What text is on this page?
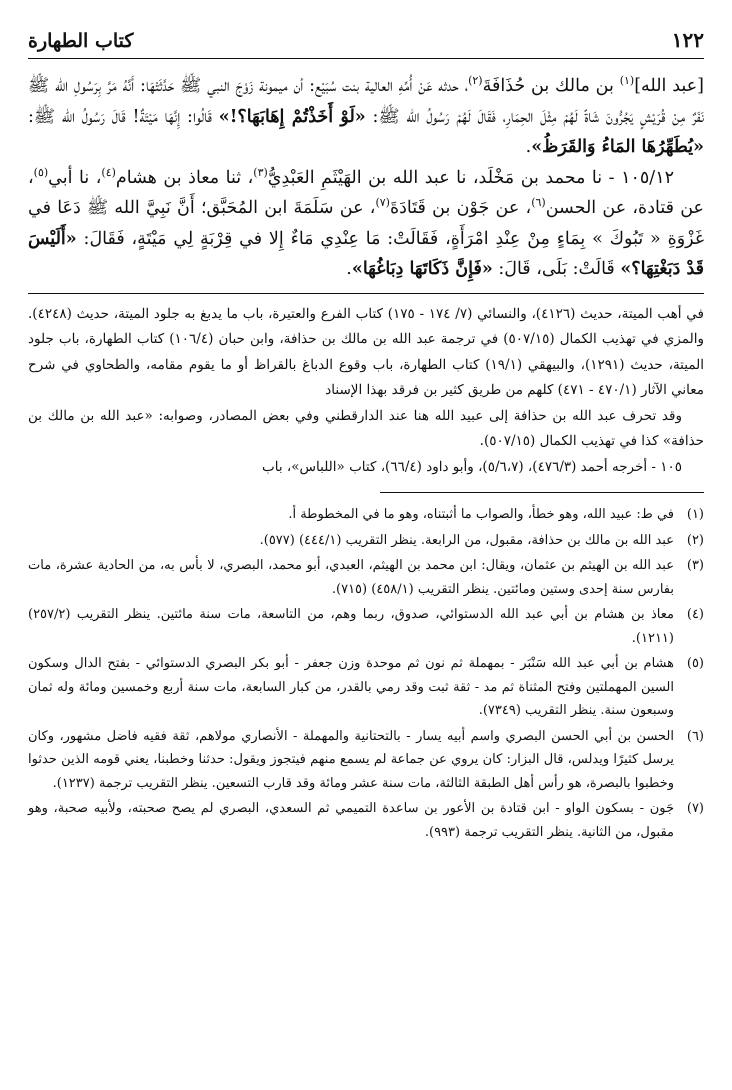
١٢٢
كتاب الطهارة

[عبد الله]$^{(١)}$ بن مالك بن حُذَافَةَ$^{(٢)}$، حدثه عَنْ أُمِّهِ العالية بنت سُبَيْع: أن ميمونة زَوْجَ النبي ﷺ حَدَّثَتْهَا: أَنَّهُ مَرَّ بِرَسُولِ الله ﷺ نَفَرٌ مِنْ قُرَيْشٍ يَجُرُّونَ شَاةً لَهُمْ مِثْلَ الحِمَارِ، فَقَالَ لَهُمْ رَسُولُ الله ﷺ: «لَوْ أَخَذْتُمْ إِهَابَهَا؟!» قَالُوا: إِنَّهَا مَيْتَةٌ! قَالَ رَسُولُ الله ﷺ: «يُطَهِّرُهَا المَاءُ وَالقَرَظُ».

١٠٥/١٢ - نا محمد بن مَخْلَد، نا عبد الله بن الهَيْثَمِ العَبْدِيُّ$^{(٣)}$، ثنا معاذ بن هشام$^{(٤)}$، نا أبي$^{(٥)}$، عن قتادة، عن الحسن$^{(٦)}$، عن جَوْن بن قَتَادَةَ$^{(٧)}$، عن سَلَمَةَ ابن المُحَبَّق؛ أَنَّ نَبِيَّ الله ﷺ دَعَا في غَزْوَةِ « تَبُوكَ » بِمَاءٍ مِنْ عِنْدِ امْرَأَةٍ، فَقَالَتْ: مَا عِنْدِي مَاءٌ إِلا في قِرْبَةٍ لِي مَيْتَةٍ، فَقَالَ: «أَلَيْسَ قَدْ دَبَغْتِهَا؟» قَالَتْ: بَلَى، قَالَ: «فَإِنَّ ذَكَاتَهَا دِبَاغُهَا».

في أهب الميتة، حديث (٤١٢٦)، والنسائي (٧/ ١٧٤ - ١٧٥) كتاب الفرع والعتيرة، باب ما يدبغ به جلود الميتة، حديث (٤٢٤٨). والمزي في تهذيب الكمال (٥٠٧/١٥) في ترجمة عبد الله بن مالك بن حذافة، وابن حبان (١٠٦/٤) كتاب الطهارة، باب جلود الميتة، حديث (١٢٩١)، والبيهقي (١٩/١) كتاب الطهارة، باب وقوع الدباغ بالقراظ أو ما يقوم مقامه، والطحاوي في شرح معاني الآثار (٤٧٠/١ - ٤٧١) كلهم من طريق كثير بن فرقد بهذا الإسناد

وقد تحرف عبد الله بن حذافة إلى عبيد الله هنا عند الدارقطني وفي بعض المصادر، وصوابه: «عبد الله بن مالك بن حذافة» كذا في تهذيب الكمال (٥٠٧/١٥).

١٠٥ - أخرجه أحمد (٤٧٦/٣)، (٥/٦،٧)، وأبو داود (٦٦/٤)، كتاب «اللباس»، باب

(١)
في ط: عبيد الله، وهو خطأ، والصواب ما أثبتناه، وهو ما في المخطوطة أ.
(٢)
عبد الله بن مالك بن حذافة، مقبول، من الرابعة. ينظر التقريب (٤٤٤/١) (٥٧٧).
(٣)
عبد الله بن الهيثم بن عثمان، ويقال: ابن محمد بن الهيثم، العبدي، أبو محمد، البصري، لا بأس به، من الحادية عشرة، مات بفارس سنة إحدى وستين ومائتين. ينظر التقريب (٤٥٨/١) (٧١٥).
(٤)
معاذ بن هشام بن أبي عبد الله الدستوائي، صدوق، ربما وهم، من التاسعة، مات سنة مائتين. ينظر التقريب (٢٥٧/٢) (١٢١١).
(٥)
هشام بن أبي عبد الله سَنْبَر - بمهملة ثم نون ثم موحدة وزن جعفر - أبو بكر البصري الدستوائي - بفتح الدال وسكون السين المهملتين وفتح المثناة ثم مد - ثقة ثبت وقد رمي بالقدر، من كبار السابعة، مات سنة أربع وخمسين ومائة وله ثمان وسبعون سنة. ينظر التقريب (٧٣٤٩).
(٦)
الحسن بن أبي الحسن البصري واسم أبيه يسار - بالتحتانية والمهملة - الأنصاري مولاهم، ثقة فقيه فاضل مشهور، وكان يرسل كثيرًا ويدلس، قال البزار: كان يروي عن جماعة لم يسمع منهم فيتجوز ويقول: حدثنا وخطبنا، يعني قومه الذين حدثوا وخطبوا بالبصرة، هو رأس أهل الطبقة الثالثة، مات سنة عشر ومائة وقد قارب التسعين. ينظر التقريب ترجمة (١٢٣٧).
(٧)
جَون - بسكون الواو - ابن قتادة بن الأعور بن ساعدة التميمي ثم السعدي، البصري لم يصح صحبته، ولأبيه صحبة، وهو مقبول، من الثانية. ينظر التقريب ترجمة (٩٩٣).
